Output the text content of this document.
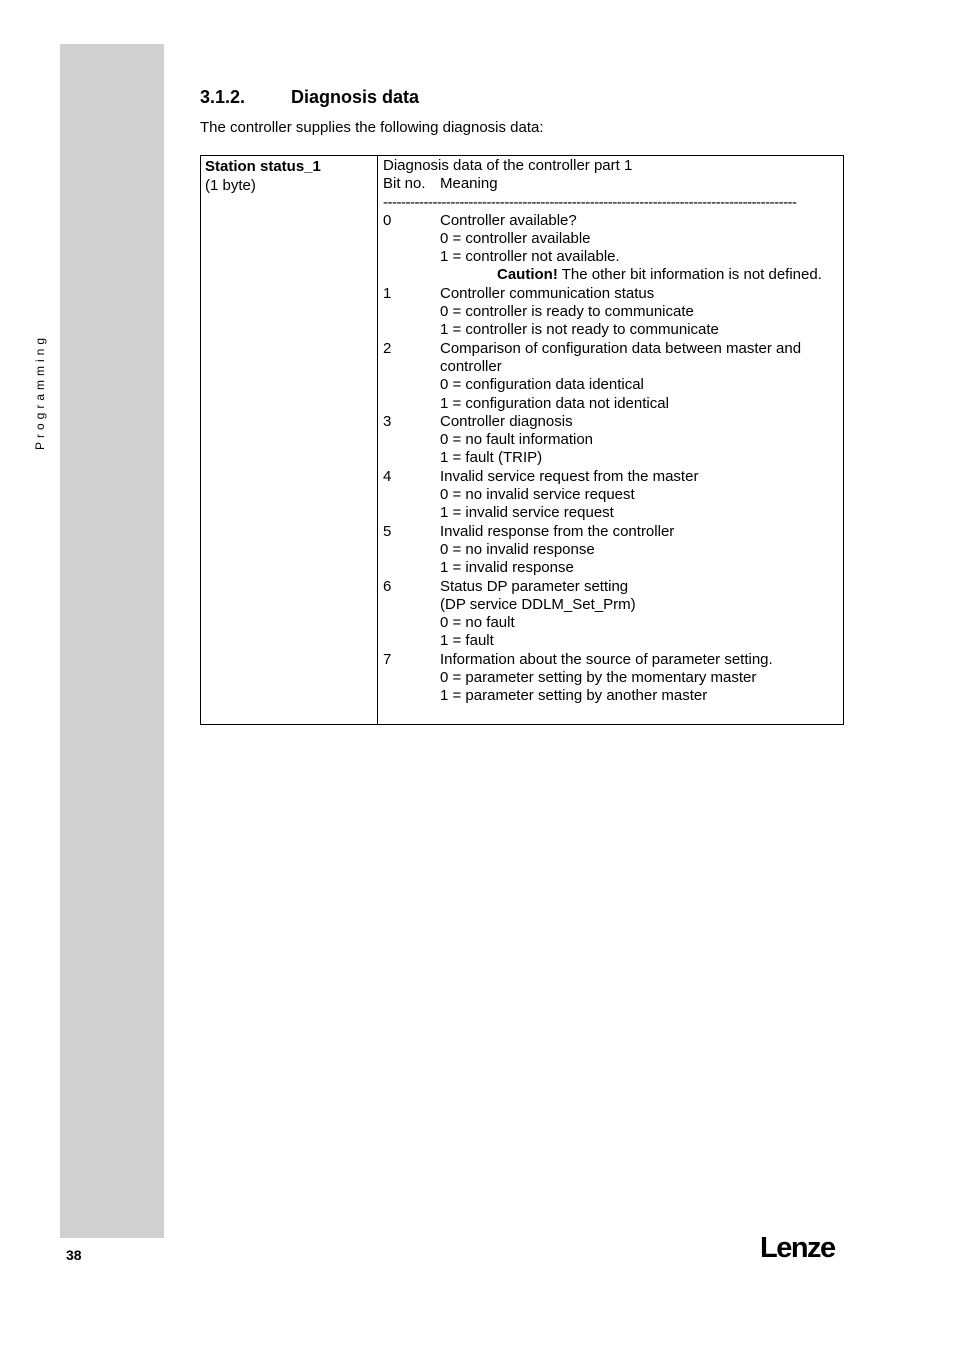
Programming
3.1.2.	Diagnosis data
The controller supplies the following diagnosis data:
Station status_1
(1 byte)
Diagnosis data of the controller part 1
Bit no. Meaning
--------------------------------------------------------------------------------------------
0	Controller available?
0 = controller available
1 = controller not available.
Caution! The other bit information is not defined.
1	Controller communication status
0 = controller is ready to communicate
1 = controller is not ready to communicate
2	Comparison of configuration data between master and controller
0 = configuration data identical
1 = configuration data not identical
3	Controller diagnosis
0 = no fault information
1 = fault (TRIP)
4	Invalid service request from the master
0 = no invalid service request
1 = invalid service request
5	Invalid response from the controller
0 = no invalid response
1 = invalid response
6	Status DP parameter setting
(DP service DDLM_Set_Prm)
0 = no fault
1 = fault
7	Information about the source of parameter setting.
0 = parameter setting by the momentary master
1 = parameter setting by another master
38	Lenze
